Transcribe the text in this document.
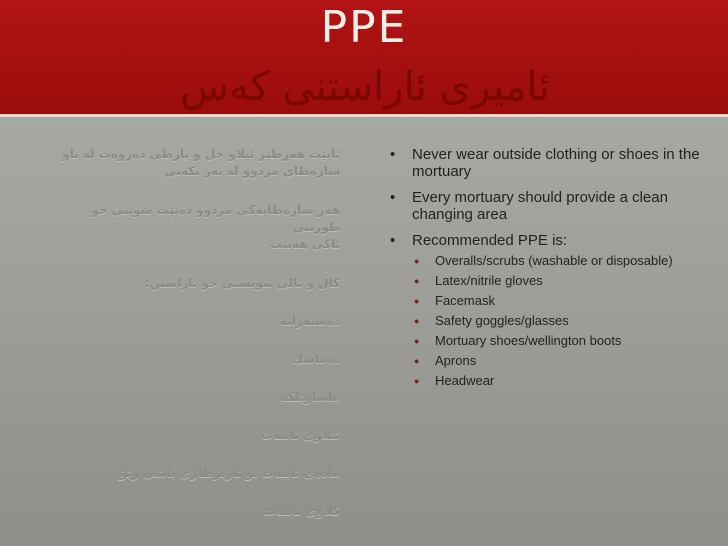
PPE
ئامیری ئاراستنی کەس

ئابێت هەرطێز ئیلاو چل و بارطى دەروەت لە ناو

سارەطاى مردوو لە بەر بکەنى

هەر سارەطايەکى مردوو دەبێت شوينى خو طورينى

ئاکى هەبێت

کاڵ و ئاڵى ئيويستى خو ئاراسنن:

دەستەرانە

دەماسك

ماساوێلکە

ئێلاوى تايبەت

مادەى تايبەت بو ئاريزطارى باشى رێق

کلاوى تايبەت

• Never wear outside clothing or shoes in the mortuary
• Every mortuary should provide a clean changing area
• Recommended PPE is:
● Overalls/scrubs (washable or disposable)
● Latex/nitrile gloves
● Facemask
● Safety goggles/glasses
● Mortuary shoes/wellington boots
● Aprons
● Headwear
